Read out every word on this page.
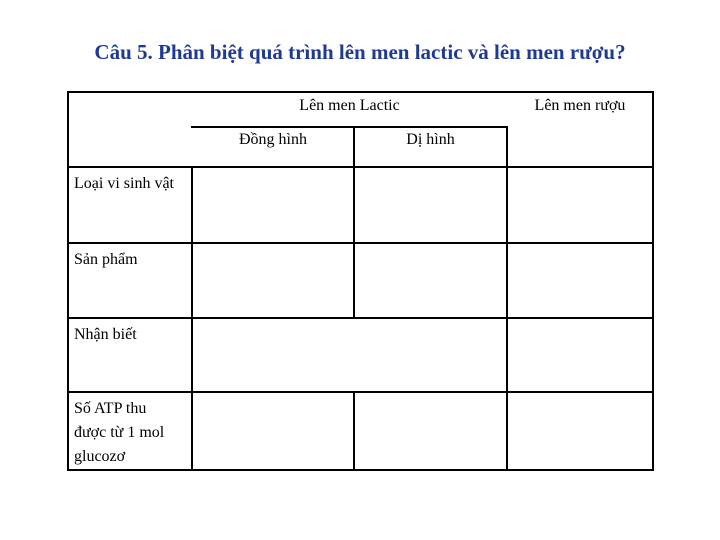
Câu 5. Phân biệt quá trình lên men lactic và lên men rượu?
Lên men Lactic	Lên men rượu
Đồng hình	Dị hình
Loại vi sinh vật
Sản phẩm
Nhận biết
Số ATP thu được từ 1 mol glucozơ
